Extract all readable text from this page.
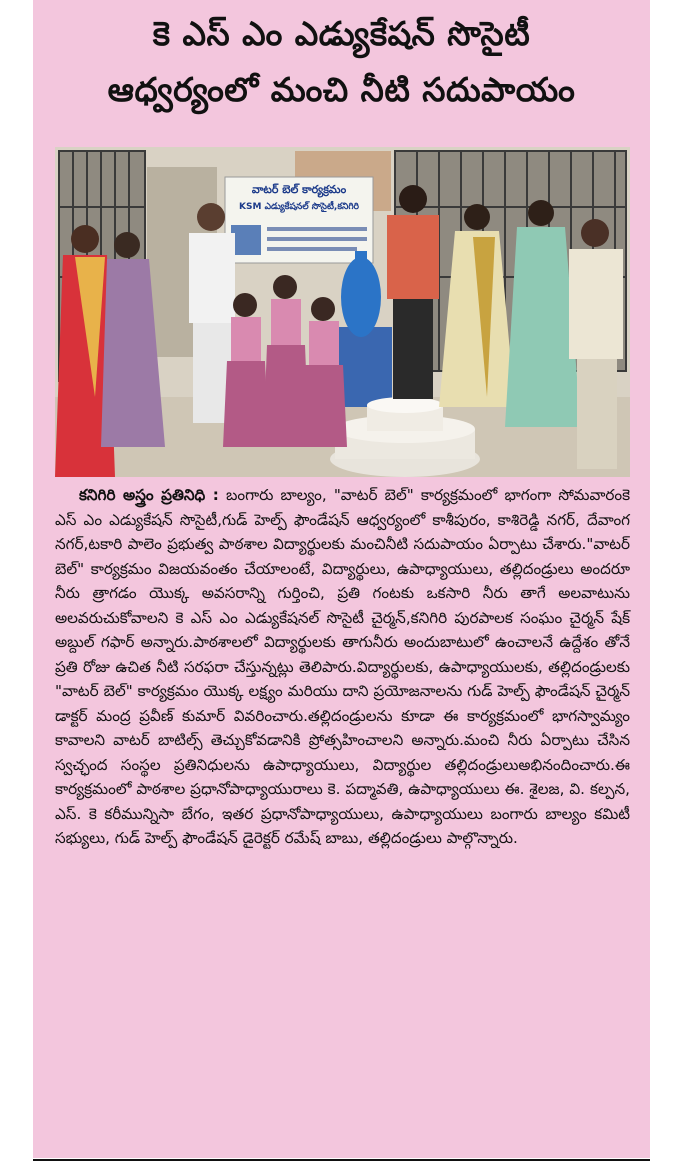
కె ఎస్ ఎం ఎడ్యుకేషన్ సొసైటీ
ఆధ్వర్యంలో మంచి నీటి సదుపాయం
వాటర్ బెల్ కార్యక్రమం
KSM ఎడ్యుకేషనల్ సొసైటీ,కనిగిరి
కనిగిరి అస్త్రం ప్రతినిధి : బంగారు బాల్యం, "వాటర్ బెల్" కార్యక్రమంలో భాగంగా సోమవారంకె ఎస్ ఎం ఎడ్యుకేషన్ సొసైటీ,గుడ్ హెల్ప్ ఫౌండేషన్ ఆధ్వర్యంలో కాశీపురం, కాశిరెడ్డి నగర్, దేవాంగ నగర్,టకారి పాలెం ప్రభుత్వ పాఠశాల విద్యార్థులకు మంచినీటి సదుపాయం ఏర్పాటు చేశారు."వాటర్ బెల్" కార్యక్రమం విజయవంతం చేయాలంటే, విద్యార్థులు, ఉపాధ్యాయులు, తల్లిదండ్రులు అందరూ నీరు త్రాగడం యొక్క అవసరాన్ని గుర్తించి, ప్రతి గంటకు ఒకసారి నీరు తాగే అలవాటును అలవరుచుకోవాలని కె ఎస్ ఎం ఎడ్యుకేషనల్ సొసైటీ చైర్మన్,కనిగిరి పురపాలక సంఘం చైర్మన్ షేక్ అబ్దుల్ గఫార్ అన్నారు.పాఠశాలలో విద్యార్థులకు తాగునీరు అందుబాటులో ఉంచాలనే ఉద్దేశం తోనే ప్రతి రోజు ఉచిత నీటి సరఫరా చేస్తున్నట్లు తెలిపారు.విద్యార్థులకు, ఉపాధ్యాయులకు, తల్లిదండ్రులకు "వాటర్ బెల్" కార్యక్రమం యొక్క లక్ష్యం మరియు దాని ప్రయోజనాలను గుడ్ హెల్ప్ ఫౌండేషన్ చైర్మన్ డాక్టర్ మంద్ర ప్రవీణ్ కుమార్ వివరించారు.తల్లిదండ్రులను కూడా ఈ కార్యక్రమంలో భాగస్వామ్యం కావాలని వాటర్ బాటిల్స్ తెచ్చుకోవడానికి ప్రోత్సహించాలని అన్నారు.మంచి నీరు ఏర్పాటు చేసిన స్వచ్ఛంద సంస్థల ప్రతినిధులను ఉపాధ్యాయులు, విద్యార్థుల తల్లిదండ్రులుఅభినందించారు.ఈ కార్యక్రమంలో పాఠశాల ప్రధానోపాధ్యాయురాలు కె. పద్మావతి, ఉపాధ్యాయులు ఈ. శైలజ, వి. కల్పన, ఎస్. కె కరీమున్నిసా బేగం, ఇతర ప్రధానోపాధ్యాయులు, ఉపాధ్యాయులు బంగారు బాల్యం కమిటీ సభ్యులు, గుడ్ హెల్ప్ ఫౌండేషన్ డైరెక్టర్ రమేష్ బాబు, తల్లిదండ్రులు పాల్గొన్నారు.
